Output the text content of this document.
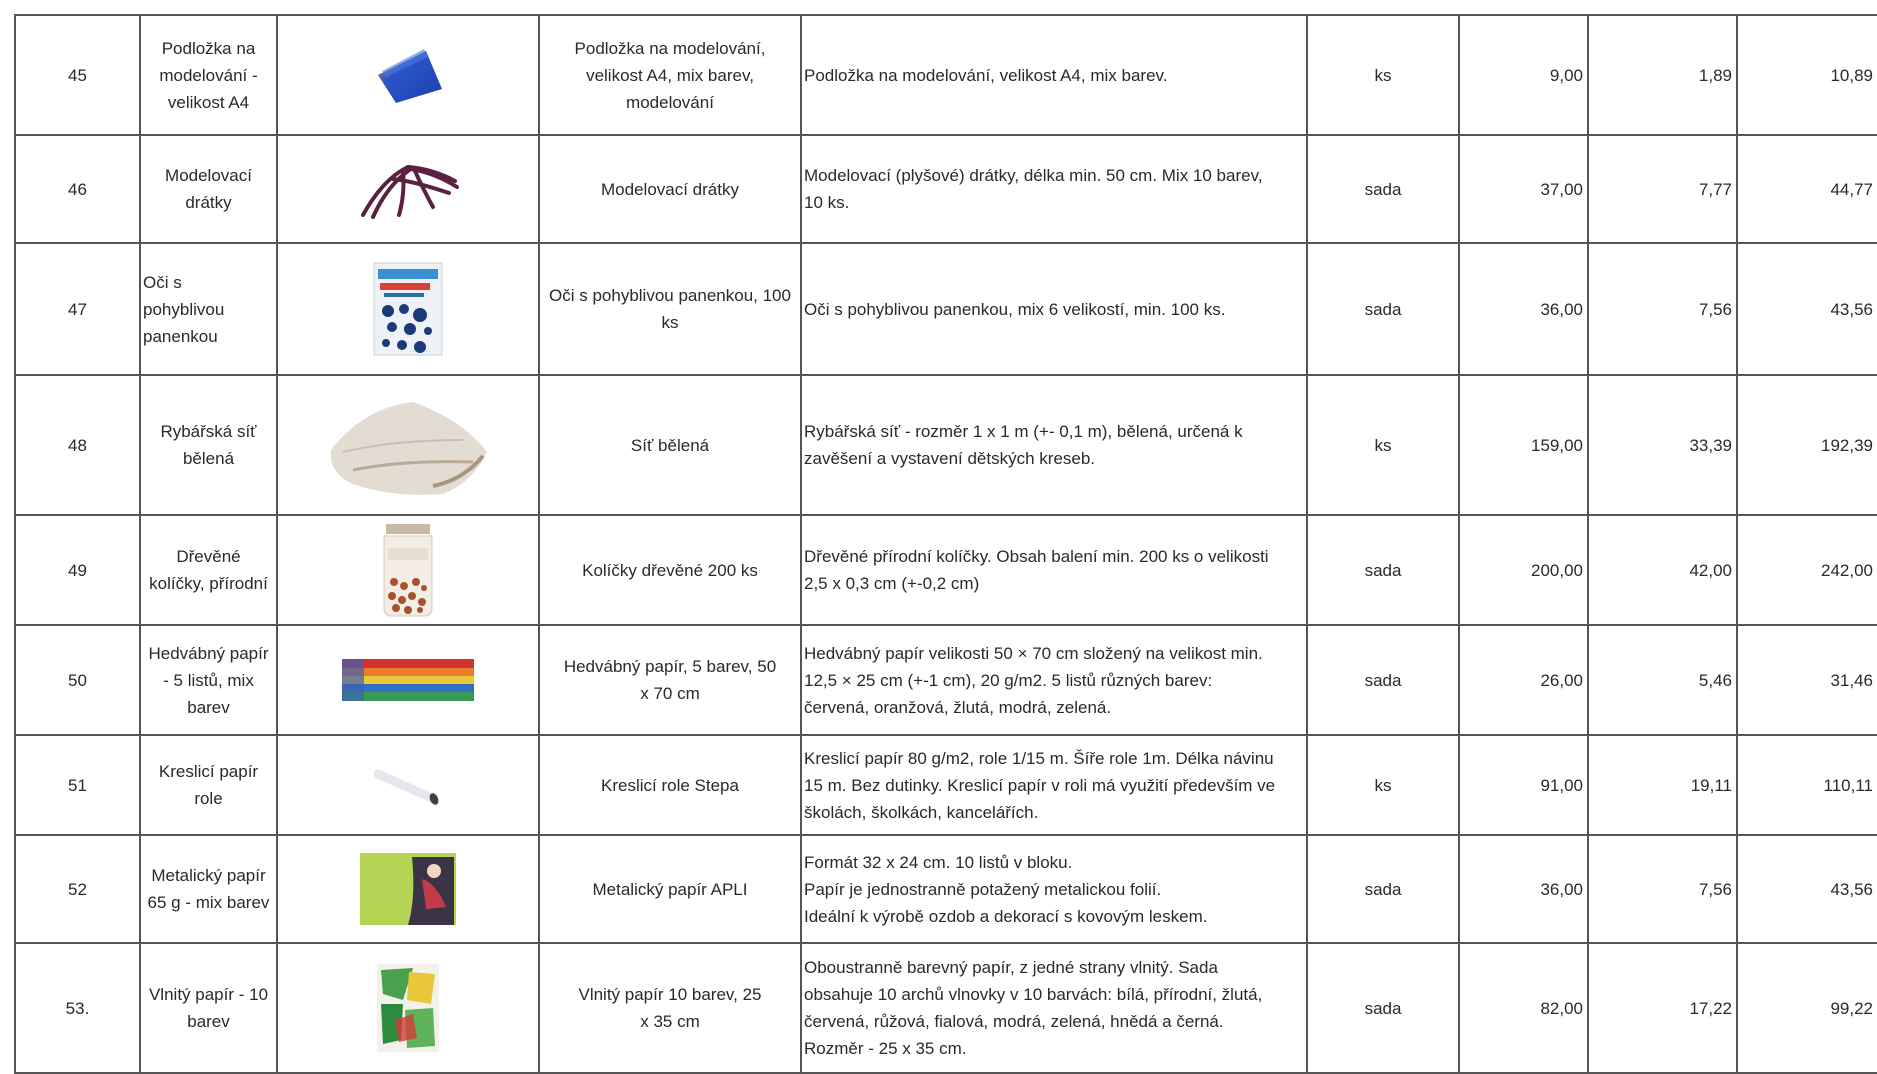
45	Podložka na
modelování -
velikost A4		Podložka na modelování,
velikost A4, mix barev,
modelování	Podložka na modelování, velikost A4, mix barev.	ks	9,00	1,89	10,89
46	Modelovací
drátky		Modelovací drátky	Modelovací (plyšové) drátky, délka min. 50 cm. Mix 10 barev,
10 ks.	sada	37,00	7,77	44,77
47	Oči s
pohyblivou
panenkou		Oči s pohyblivou panenkou, 100
ks	Oči s pohyblivou panenkou, mix 6 velikostí, min. 100 ks.	sada	36,00	7,56	43,56
48	Rybářská síť
bělená		Síť bělená	Rybářská síť - rozměr 1 x 1 m (+- 0,1 m), bělená, určená k
zavěšení a vystavení dětských kreseb.	ks	159,00	33,39	192,39
49	Dřevěné
kolíčky, přírodní		Kolíčky dřevěné 200 ks	Dřevěné přírodní kolíčky. Obsah balení min. 200 ks o velikosti
2,5 x 0,3 cm (+-0,2 cm)	sada	200,00	42,00	242,00
50	Hedvábný papír
- 5 listů, mix
barev		Hedvábný papír, 5 barev, 50
x 70 cm	Hedvábný papír velikosti 50 × 70 cm složený na velikost min.
12,5 × 25 cm (+-1 cm), 20 g/m2. 5 listů různých barev:
červená, oranžová, žlutá, modrá, zelená.	sada	26,00	5,46	31,46
51	Kreslicí papír
role		Kreslicí role Stepa	Kreslicí papír 80 g/m2, role 1/15 m. Šíře role 1m. Délka návinu
15 m. Bez dutinky. Kreslicí papír v roli má využití především ve
školách, školkách, kancelářích.	ks	91,00	19,11	110,11
52	Metalický papír
65 g - mix barev		Metalický papír APLI	Formát 32 x 24 cm. 10 listů v bloku.
Papír je jednostranně potažený metalickou folií.
Ideální k výrobě ozdob a dekorací s kovovým leskem.	sada	36,00	7,56	43,56
53.	Vlnitý papír - 10
barev		Vlnitý papír 10 barev, 25
x 35 cm	Oboustranně barevný papír, z jedné strany vlnitý. Sada
obsahuje 10 archů vlnovky v 10 barvách: bílá, přírodní, žlutá,
červená, růžová, fialová, modrá, zelená, hnědá a černá.
Rozměr - 25 x 35 cm.	sada	82,00	17,22	99,22
